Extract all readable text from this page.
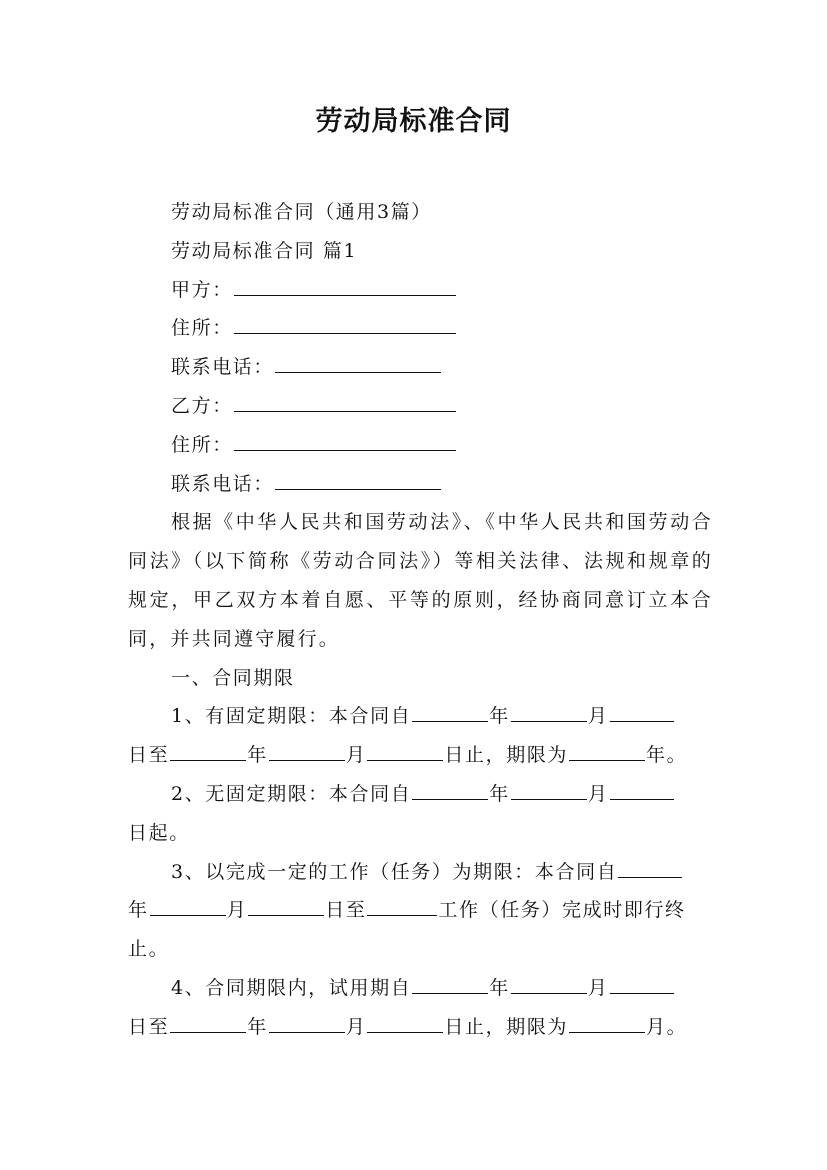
劳动局标准合同

劳动局标准合同（通用3篇）

劳动局标准合同 篇1

甲方：

住所：

联系电话：

乙方：

住所：

联系电话：

根据《中华人民共和国劳动法》、《中华人民共和国劳动合同法》（以下简称《劳动合同法》）等相关法律、法规和规章的规定，甲乙双方本着自愿、平等的原则，经协商同意订立本合同，并共同遵守履行。

一、合同期限

1、有固定期限：本合同自	年	月

日至	年	月	日止，期限为	年。

2、无固定期限：本合同自	年	月

日起。

3、以完成一定的工作（任务）为期限：本合同自

年	月	日至	工作（任务）完成时即行终

止。

4、合同期限内，试用期自	年	月

日至	年	月	日止，期限为	月。
